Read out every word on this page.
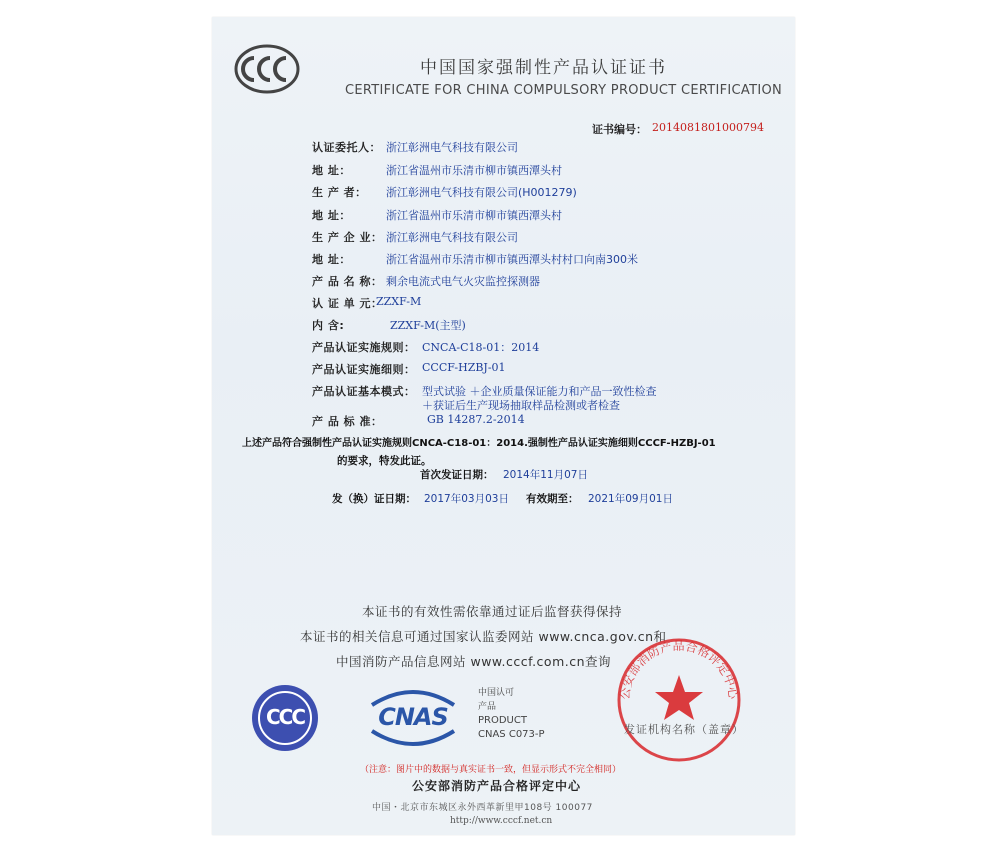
中国国家强制性产品认证证书
CERTIFICATE FOR CHINA COMPULSORY PRODUCT CERTIFICATION
证书编号： 2014081801000794
认证委托人： 浙江彰洲电气科技有限公司
地 址：	浙江省温州市乐清市柳市镇西潭头村
生 产 者： 浙江彰洲电气科技有限公司(H001279)
地 址：	浙江省温州市乐清市柳市镇西潭头村
生 产 企 业： 浙江彰洲电气科技有限公司
地 址：	浙江省温州市乐清市柳市镇西潭头村村口向南300米
产 品 名 称： 剩余电流式电气火灾监控探测器
认 证 单 元：
ZZXF-M
内 含:	ZZXF-M(主型)
产品认证实施规则： CNCA-C18-01：2014
产品认证实施细则： CCCF-HZBJ-01
产品认证基本模式： 型式试验 ＋企业质量保证能力和产品一致性检查
＋获证后生产现场抽取样品检测或者检查
产 品 标 准：	GB 14287.2-2014
上述产品符合强制性产品认证实施规则CNCA-C18-01：2014.强制性产品认证实施细则CCCF-HZBJ-01
的要求，特发此证。
首次发证日期： 2014年11月07日
发（换）证日期： 2017年03月03日 有效期至： 2021年09月01日
本证书的有效性需依靠通过证后监督获得保持
本证书的相关信息可通过国家认监委网站 www.cnca.gov.cn和
中国消防产品信息网站 www.cccf.com.cn查询
CCC	CNAS
中国认可
产品
PRODUCT
CNAS C073-P
公安部消防产品合格评定中心
发证机构名称（盖章）
（注意：图片中的数据与真实证书一致，但显示形式不完全相同）
公安部消防产品合格评定中心
中国・北京市东城区永外西革新里甲108号 100077
http://www.cccf.net.cn
